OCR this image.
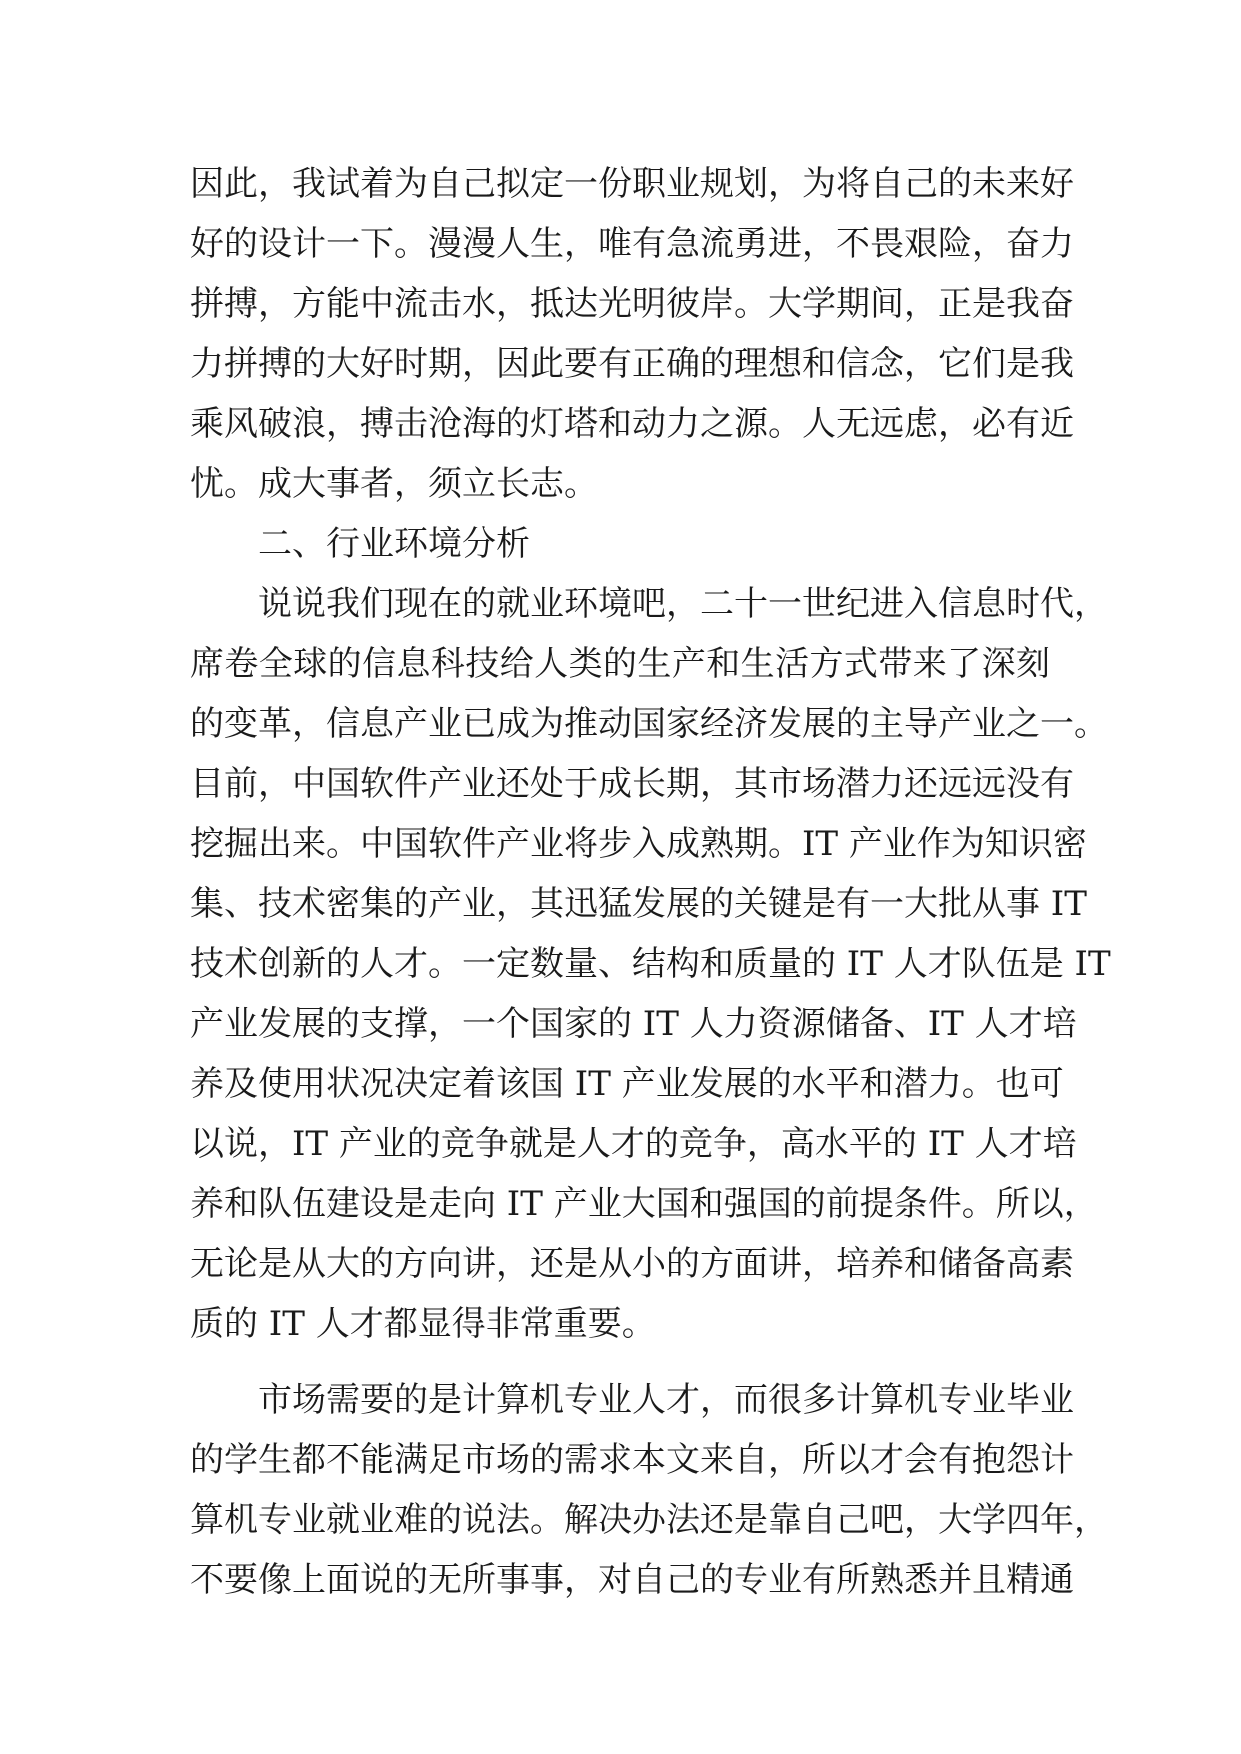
因此，我试着为自己拟定一份职业规划，为将自己的未来好
好的设计一下。漫漫人生，唯有急流勇进，不畏艰险，奋力
拼搏，方能中流击水，抵达光明彼岸。大学期间，正是我奋
力拼搏的大好时期，因此要有正确的理想和信念，它们是我
乘风破浪，搏击沧海的灯塔和动力之源。人无远虑，必有近
忧。成大事者，须立长志。
二、行业环境分析
说说我们现在的就业环境吧，二十一世纪进入信息时代，
席卷全球的信息科技给人类的生产和生活方式带来了深刻
的变革，信息产业已成为推动国家经济发展的主导产业之一。
目前，中国软件产业还处于成长期，其市场潜力还远远没有
挖掘出来。中国软件产业将步入成熟期。IT 产业作为知识密
集、技术密集的产业，其迅猛发展的关键是有一大批从事 IT
技术创新的人才。一定数量、结构和质量的 IT 人才队伍是 IT
产业发展的支撑，一个国家的 IT 人力资源储备、IT 人才培
养及使用状况决定着该国 IT 产业发展的水平和潜力。也可
以说，IT 产业的竞争就是人才的竞争，高水平的 IT 人才培
养和队伍建设是走向 IT 产业大国和强国的前提条件。所以，
无论是从大的方向讲，还是从小的方面讲，培养和储备高素
质的 IT 人才都显得非常重要。
市场需要的是计算机专业人才，而很多计算机专业毕业
的学生都不能满足市场的需求本文来自，所以才会有抱怨计
算机专业就业难的说法。解决办法还是靠自己吧，大学四年，
不要像上面说的无所事事，对自己的专业有所熟悉并且精通
